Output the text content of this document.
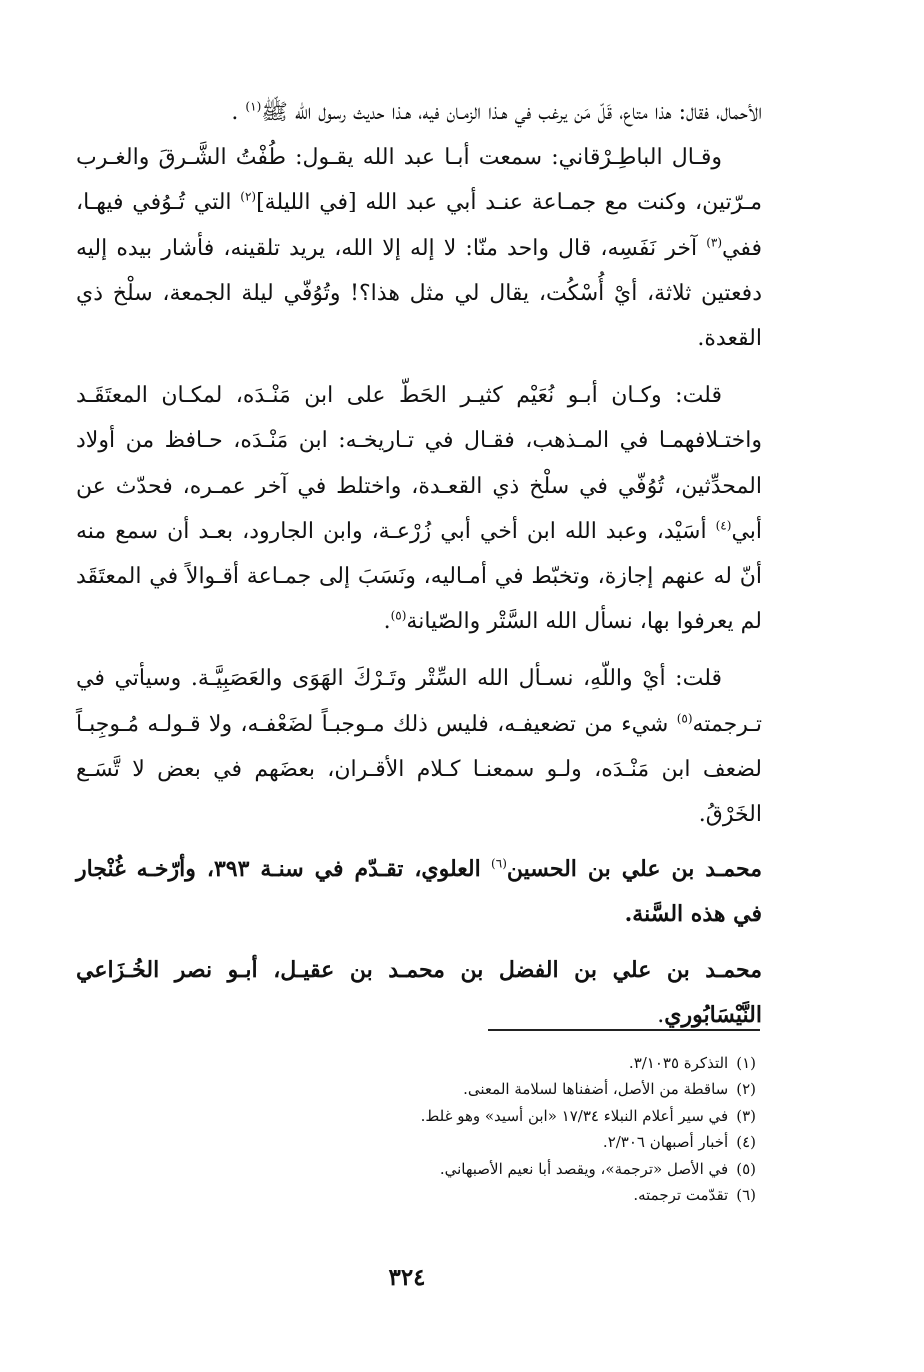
الأحمال، فقال: هذا متاع، قَلّ مَن يرغب في هـذا الزمـان فيه، هـذا حديث رسول الله ﷺ$^{(١)}$ .

وقـال الباطِـرْقاني: سمعت أبـا عبد الله يقـول: طُفْتُ الشَّـرقَ والغـرب مـرّتين، وكنت مع جمـاعة عنـد أبي عبد الله [في الليلة]$^{(٢)}$ التي تُـوُفي فيهـا، ففي$^{(٣)}$ آخر نَفَسِه، قال واحد منّا: لا إله إلا الله، يريد تلقينه، فأشار بيده إليه دفعتين ثلاثة، أيْ أُسْكُت، يقال لي مثل هذا؟! وتُوُفّي ليلة الجمعة، سلْخ ذي القعدة.

قلت: وكـان أبـو نُعَيْم كثيـر الحَطّ على ابن مَنْـدَه، لمكـان المعتَقَـد واختـلافهمـا في المـذهب، فقـال في تـاريخـه: ابن مَنْـدَه، حـافظ من أولاد المحدِّثين، تُوُفّي في سلْخ ذي القعـدة، واختلط في آخر عمـره، فحدّث عن أبي$^{(٤)}$ أسَيْد، وعبد الله ابن أخي أبي زُرْعـة، وابن الجارود، بعـد أن سمع منه أنّ له عنهم إجازة، وتخبّط في أمـاليه، ونَسَبَ إلى جمـاعة أقـوالاً في المعتَقَد لم يعرفوا بها، نسأل الله السَّتْر والصّيانة$^{(٥)}$.

قلت: أيْ واللّهِ، نسـأل الله السِّتْر وتَـرْكَ الهَوَى والعَصَبِيَّـة. وسيأتي في تـرجمته$^{(٥)}$ شيء من تضعيفـه، فليس ذلك مـوجبـاً لضَعْفـه، ولا قـولـه مُـوجِبـاً لضعف ابن مَنْـدَه، ولـو سمعنـا كـلام الأقـران، بعضَهم في بعض لا تَّسَـع الخَرْقُ.

محمـد بن علي بن الحسين$^{(٦)}$ العلوي، تقـدّم في سنـة ٣٩٣، وأرّخـه غُنْجار في هذه السَّنة.

محمـد بن علي بن الفضل بن محمـد بن عقيـل، أبـو نصر الخُـزَاعي النَّيْسَابُوري.

(١)التذكرة ٣/١٠٣٥.

(٢)ساقطة من الأصل، أضفناها لسلامة المعنى.

(٣)في سير أعلام النبلاء ١٧/٣٤ «ابن أسيد» وهو غلط.

(٤)أخبار أصبهان ٢/٣٠٦.

(٥)في الأصل «ترجمة»، ويقصد أبا نعيم الأصبهاني.

(٦)تقدّمت ترجمته.

٣٢٤
